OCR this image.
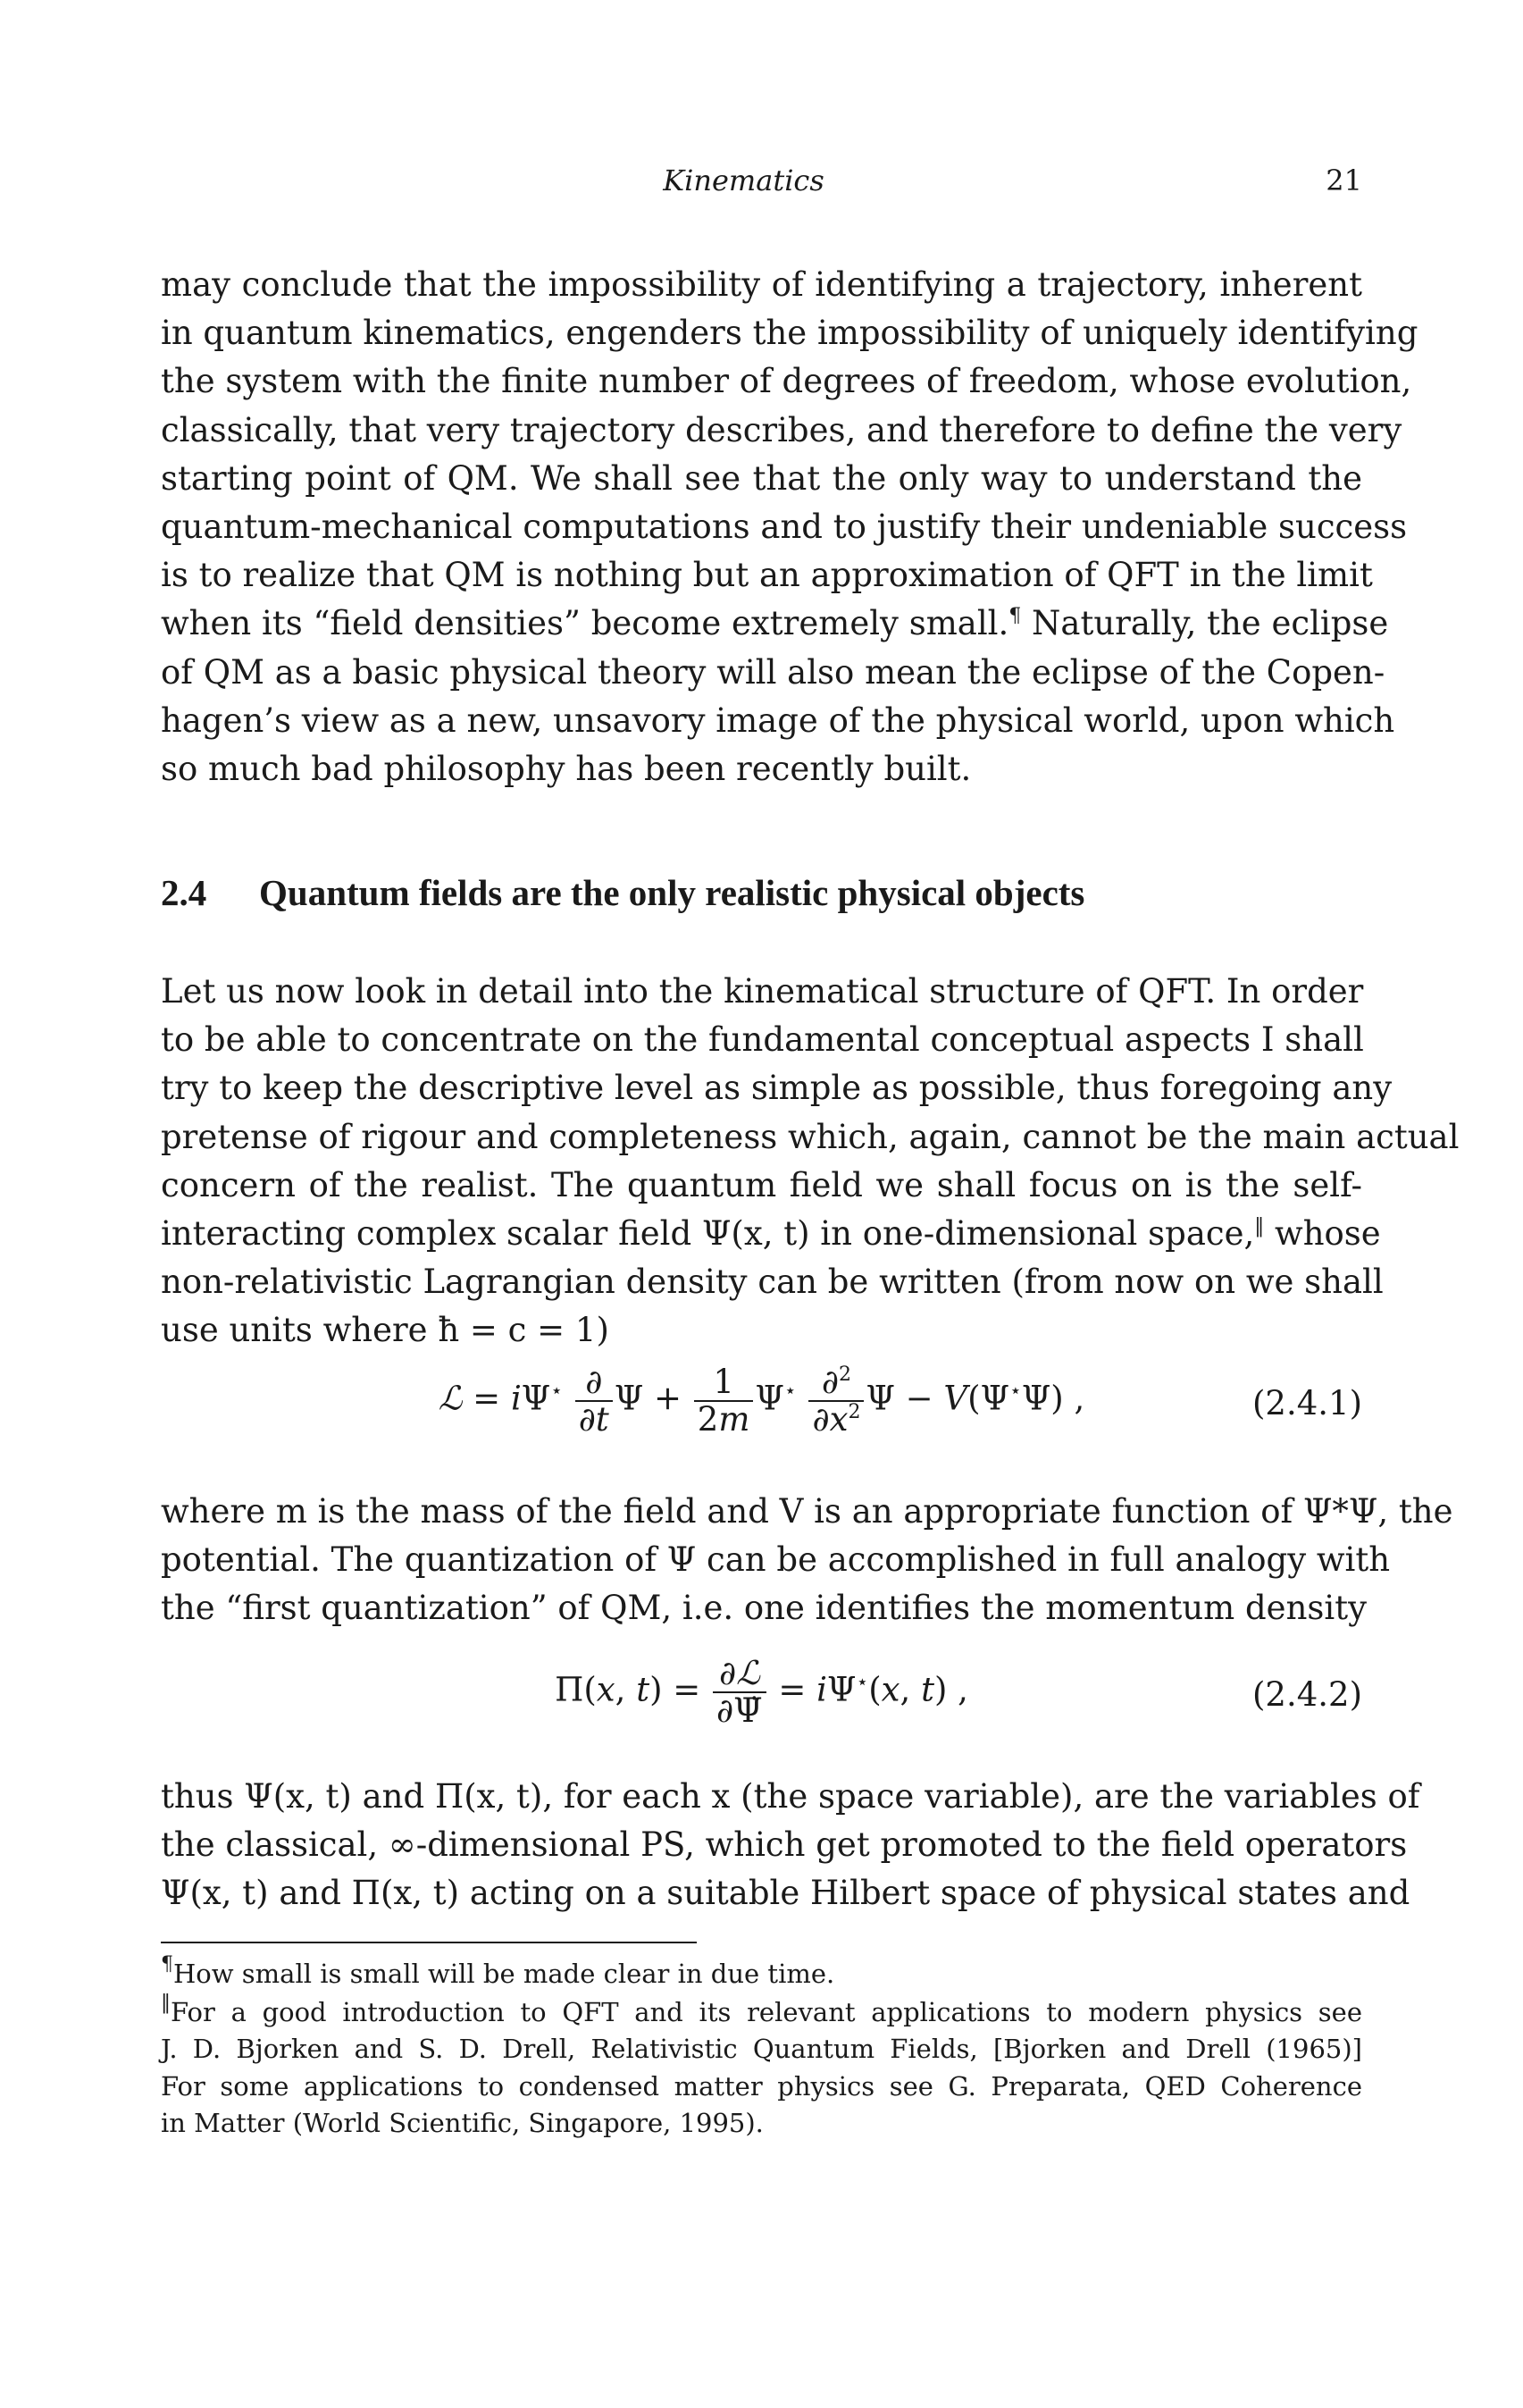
Kinematics	21

may conclude that the impossibility of identifying a trajectory, inherent
in quantum kinematics, engenders the impossibility of uniquely identifying
the system with the finite number of degrees of freedom, whose evolution,
classically, that very trajectory describes, and therefore to define the very
starting point of QM. We shall see that the only way to understand the
quantum-mechanical computations and to justify their undeniable success
is to realize that QM is nothing but an approximation of QFT in the limit
when its “field densities” become extremely small.¶ Naturally, the eclipse
of QM as a basic physical theory will also mean the eclipse of the Copen-
hagen’s view as a new, unsavory image of the physical world, upon which
so much bad philosophy has been recently built.

2.4 Quantum fields are the only realistic physical objects

Let us now look in detail into the kinematical structure of QFT. In order
to be able to concentrate on the fundamental conceptual aspects I shall
try to keep the descriptive level as simple as possible, thus foregoing any
pretense of rigour and completeness which, again, cannot be the main actual
concern of the realist. The quantum field we shall focus on is the self-
interacting complex scalar field Ψ(x, t) in one-dimensional space,‖ whose
non-relativistic Lagrangian density can be written (from now on we shall
use units where ħ = c = 1)

ℒ = $i\Psi^⋆ \frac{\partial}{\partial t}$ $\Psi + \frac{1}{2m} \Psi^⋆ \frac{\partial^2}{\partial x^2}$ Ψ − V(Ψ⋆Ψ) ,	(2.4.1)

where m is the mass of the field and V is an appropriate function of Ψ*Ψ, the
potential. The quantization of Ψ can be accomplished in full analogy with
the “first quantization” of QM, i.e. one identifies the momentum density

Π(x, $t) = \frac{\text{∂ℒ}}{\partial\Psi̇} = i\Psi^⋆(x$, t) ,	(2.4.2)

thus Ψ(x, t) and Π(x, t), for each x (the space variable), are the variables of
the classical, ∞-dimensional PS, which get promoted to the field operators
Ψ(x, t) and Π(x, t) acting on a suitable Hilbert space of physical states and

¶How small is small will be made clear in due time.
‖For a good introduction to QFT and its relevant applications to modern physics see
J. D. Bjorken and S. D. Drell, Relativistic Quantum Fields, [Bjorken and Drell (1965)]
For some applications to condensed matter physics see G. Preparata, QED Coherence
in Matter (World Scientific, Singapore, 1995).
